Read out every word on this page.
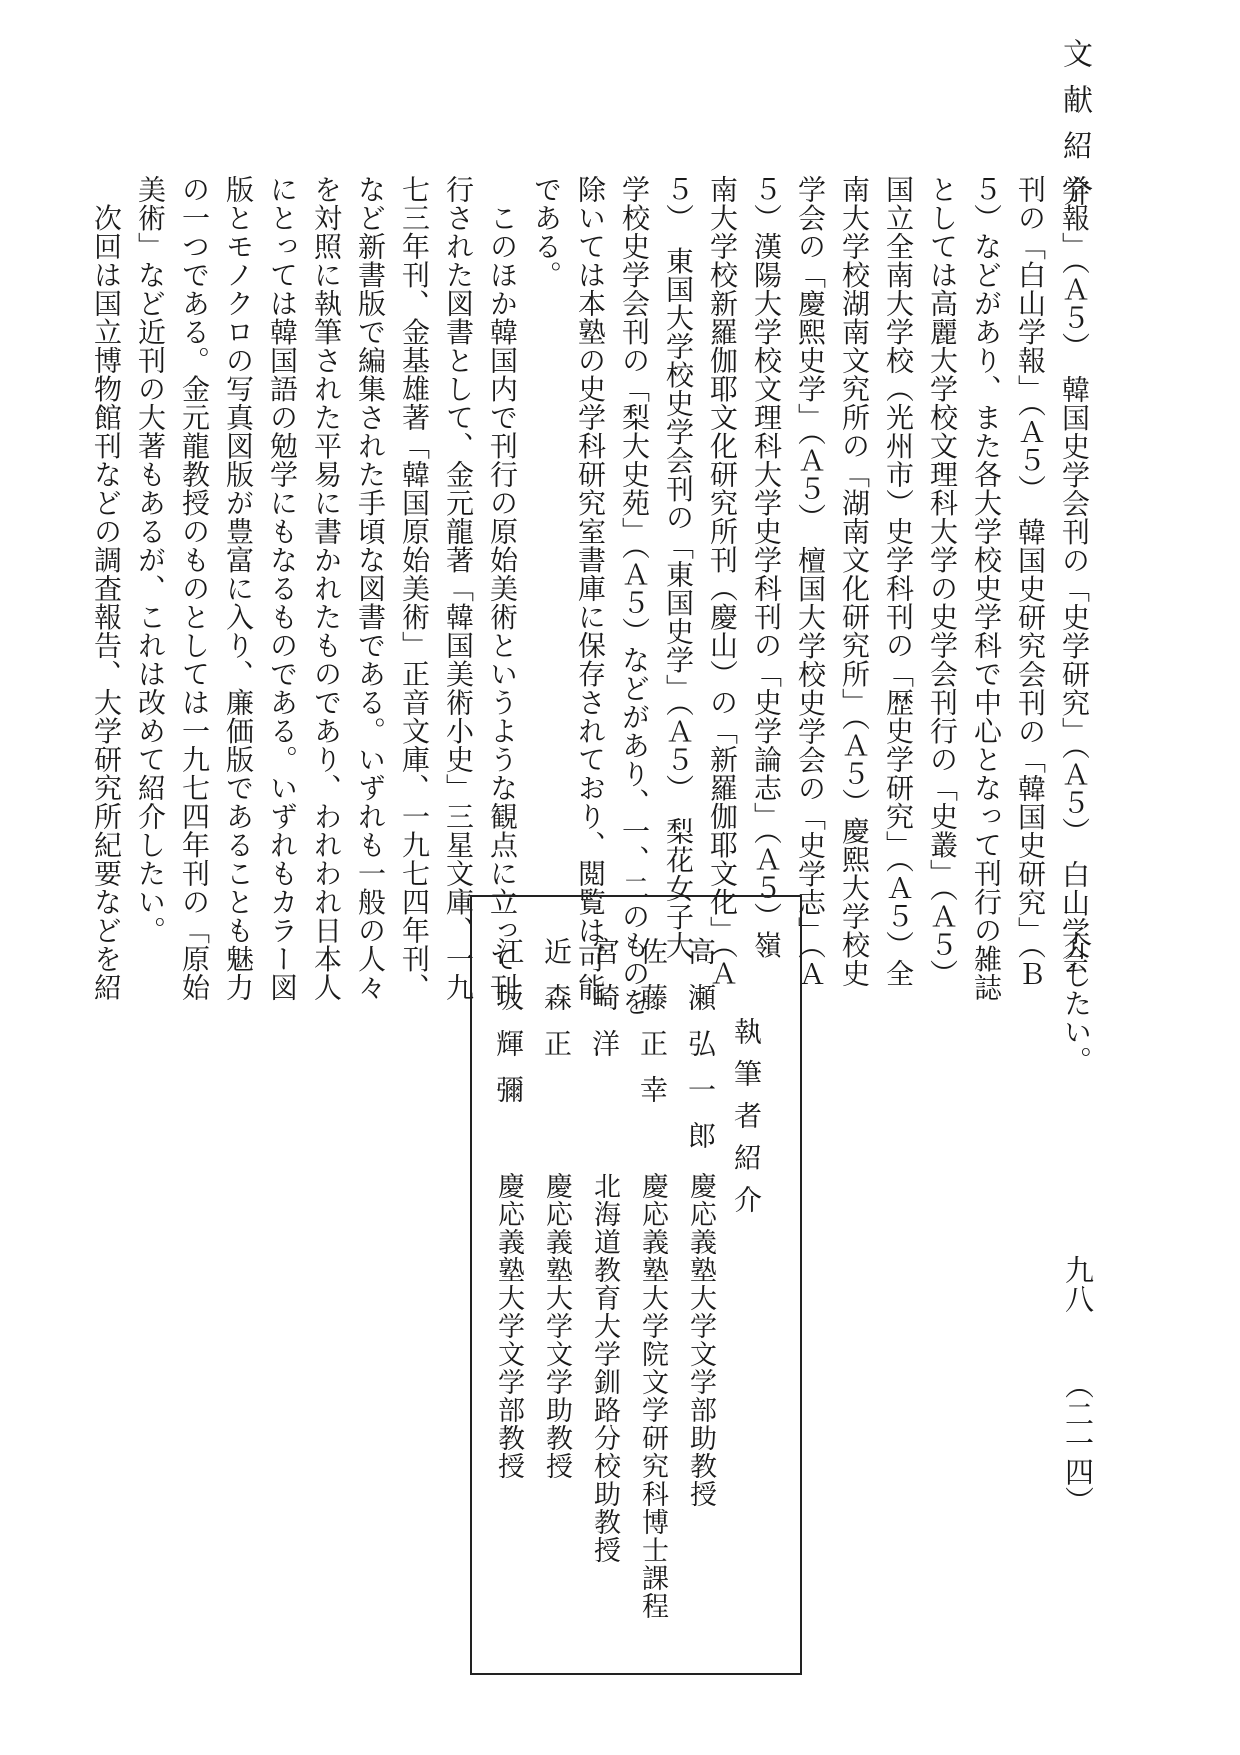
文献紹介
九八
（二一四）
学報」（Ａ５）　韓国史学会刊の「史学研究」（Ａ５）　白山学会
刊の「白山学報」（Ａ５）　韓国史研究会刊の「韓国史研究」（Ｂ
５）などがあり、また各大学校史学科で中心となって刊行の雑誌
としては高麗大学校文理科大学の史学会刊行の「史叢」（Ａ５）
国立全南大学校（光州市）史学科刊の「歴史学研究」（Ａ５）全
南大学校湖南文究所の「湖南文化研究所」（Ａ５）慶熙大学校史
学会の「慶熙史学」（Ａ５）　檀国大学校史学会の「史学志」（Ａ
５）漢陽大学校文理科大学史学科刊の「史学論志」（Ａ５）嶺
南大学校新羅伽耶文化研究所刊（慶山）の「新羅伽耶文化」（Ａ
５）　東国大学校史学会刊の「東国史学」（Ａ５）　梨花女子大
学校史学会刊の「梨大史苑」（Ａ５）などがあり、一、二のものを
除いては本塾の史学科研究室書庫に保存されており、閲覧は可能
である。
　このほか韓国内で刊行の原始美術というような観点に立って刊
行された図書として、金元龍著「韓国美術小史」三星文庫、一九
七三年刊、金基雄著「韓国原始美術」正音文庫、一九七四年刊、
など新書版で編集された手頃な図書である。いずれも一般の人々
を対照に執筆された平易に書かれたものであり、われわれ日本人
にとっては韓国語の勉学にもなるものである。いずれもカラー図
版とモノクロの写真図版が豊富に入り、廉価版であることも魅力
の一つである。金元龍教授のものとしては一九七四年刊の「原始
美術」など近刊の大著もあるが、これは改めて紹介したい。
　次回は国立博物館刊などの調査報告、大学研究所紀要などを紹
介したい。
執筆者紹介
高瀬弘一郎
慶応義塾大学文学部助教授
佐藤正幸
慶応義塾大学院文学研究科博士課程
宮崎洋
北海道教育大学釧路分校助教授
近森正
慶応義塾大学文学助教授
江坂輝彌
慶応義塾大学文学部教授
